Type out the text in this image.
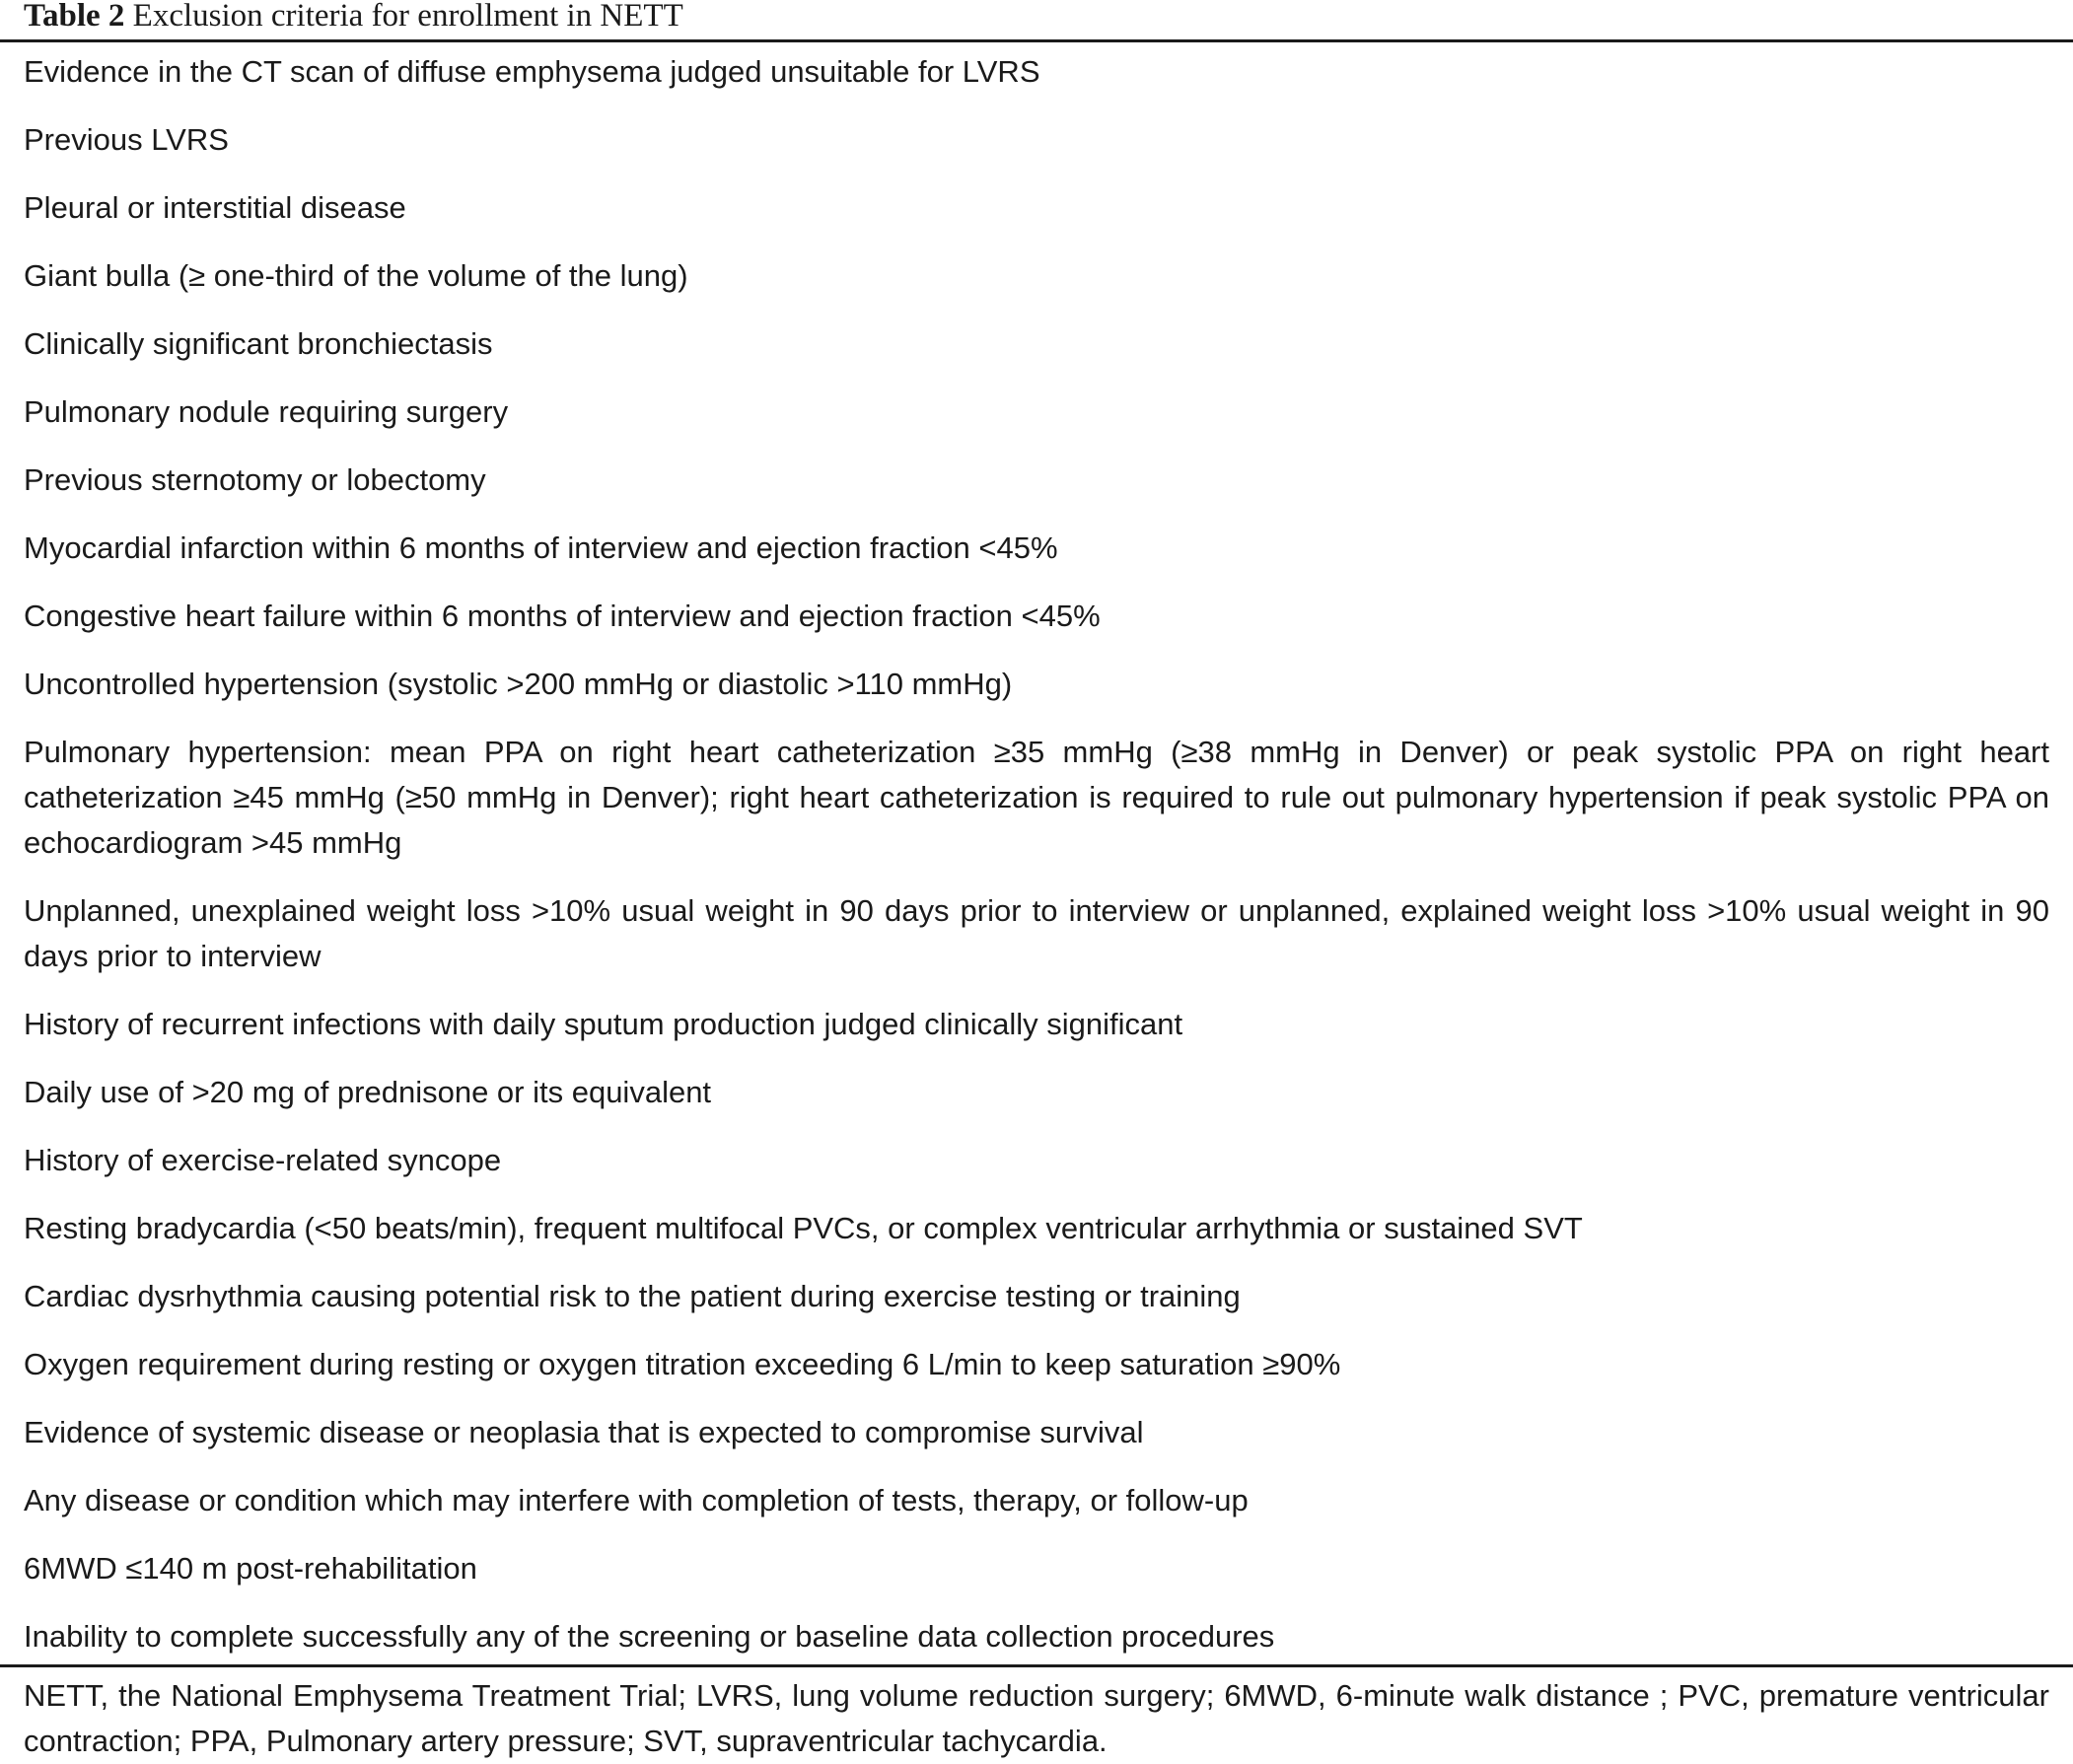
Table 2 Exclusion criteria for enrollment in NETT
Evidence in the CT scan of diffuse emphysema judged unsuitable for LVRS
Previous LVRS
Pleural or interstitial disease
Giant bulla (≥ one-third of the volume of the lung)
Clinically significant bronchiectasis
Pulmonary nodule requiring surgery
Previous sternotomy or lobectomy
Myocardial infarction within 6 months of interview and ejection fraction <45%
Congestive heart failure within 6 months of interview and ejection fraction <45%
Uncontrolled hypertension (systolic >200 mmHg or diastolic >110 mmHg)
Pulmonary hypertension: mean PPA on right heart catheterization ≥35 mmHg (≥38 mmHg in Denver) or peak systolic PPA on right heart catheterization ≥45 mmHg (≥50 mmHg in Denver); right heart catheterization is required to rule out pulmonary hypertension if peak systolic PPA on echocardiogram >45 mmHg
Unplanned, unexplained weight loss >10% usual weight in 90 days prior to interview or unplanned, explained weight loss >10% usual weight in 90 days prior to interview
History of recurrent infections with daily sputum production judged clinically significant
Daily use of >20 mg of prednisone or its equivalent
History of exercise-related syncope
Resting bradycardia (<50 beats/min), frequent multifocal PVCs, or complex ventricular arrhythmia or sustained SVT
Cardiac dysrhythmia causing potential risk to the patient during exercise testing or training
Oxygen requirement during resting or oxygen titration exceeding 6 L/min to keep saturation ≥90%
Evidence of systemic disease or neoplasia that is expected to compromise survival
Any disease or condition which may interfere with completion of tests, therapy, or follow-up
6MWD ≤140 m post-rehabilitation
Inability to complete successfully any of the screening or baseline data collection procedures
NETT, the National Emphysema Treatment Trial; LVRS, lung volume reduction surgery; 6MWD, 6-minute walk distance ; PVC, premature ventricular contraction; PPA, Pulmonary artery pressure; SVT, supraventricular tachycardia.
